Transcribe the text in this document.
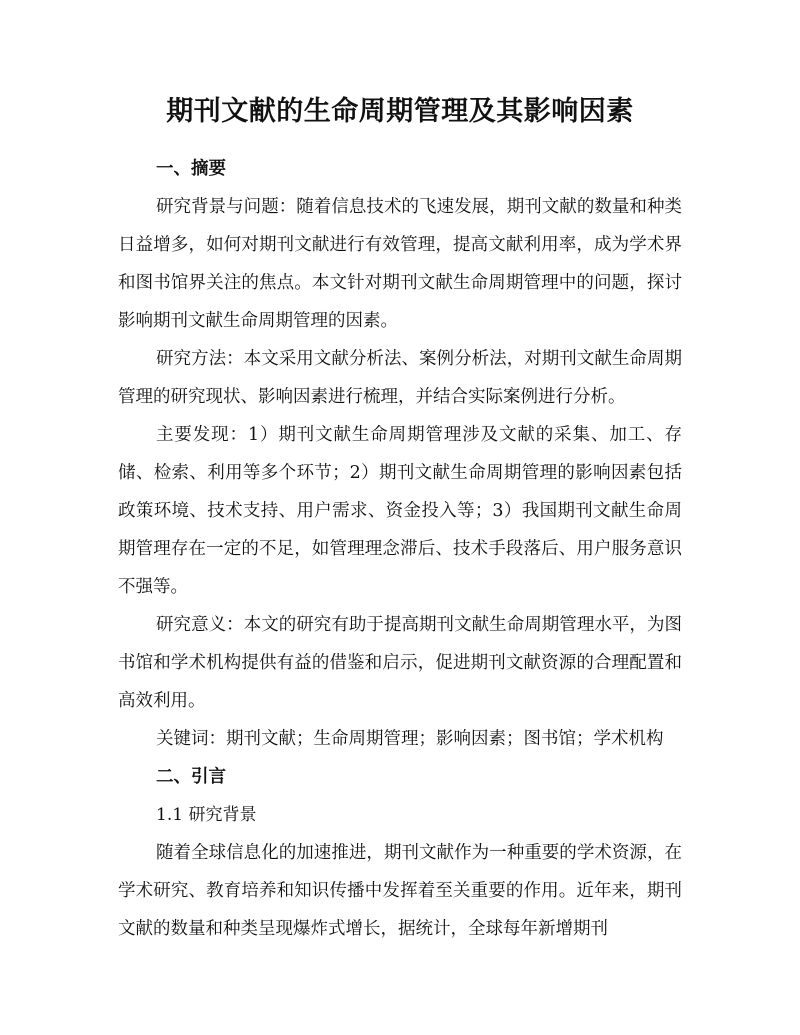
期刊文献的生命周期管理及其影响因素
一、摘要

研究背景与问题：随着信息技术的飞速发展，期刊文献的数量和种类日益增多，如何对期刊文献进行有效管理，提高文献利用率，成为学术界和图书馆界关注的焦点。本文针对期刊文献生命周期管理中的问题，探讨影响期刊文献生命周期管理的因素。

研究方法：本文采用文献分析法、案例分析法，对期刊文献生命周期管理的研究现状、影响因素进行梳理，并结合实际案例进行分析。

主要发现：1）期刊文献生命周期管理涉及文献的采集、加工、存储、检索、利用等多个环节；2）期刊文献生命周期管理的影响因素包括政策环境、技术支持、用户需求、资金投入等；3）我国期刊文献生命周期管理存在一定的不足，如管理理念滞后、技术手段落后、用户服务意识不强等。

研究意义：本文的研究有助于提高期刊文献生命周期管理水平，为图书馆和学术机构提供有益的借鉴和启示，促进期刊文献资源的合理配置和高效利用。

关键词：期刊文献；生命周期管理；影响因素；图书馆；学术机构

二、引言
1.1 研究背景

随着全球信息化的加速推进，期刊文献作为一种重要的学术资源，在学术研究、教育培养和知识传播中发挥着至关重要的作用。近年来，期刊文献的数量和种类呈现爆炸式增长，据统计，全球每年新增期刊
